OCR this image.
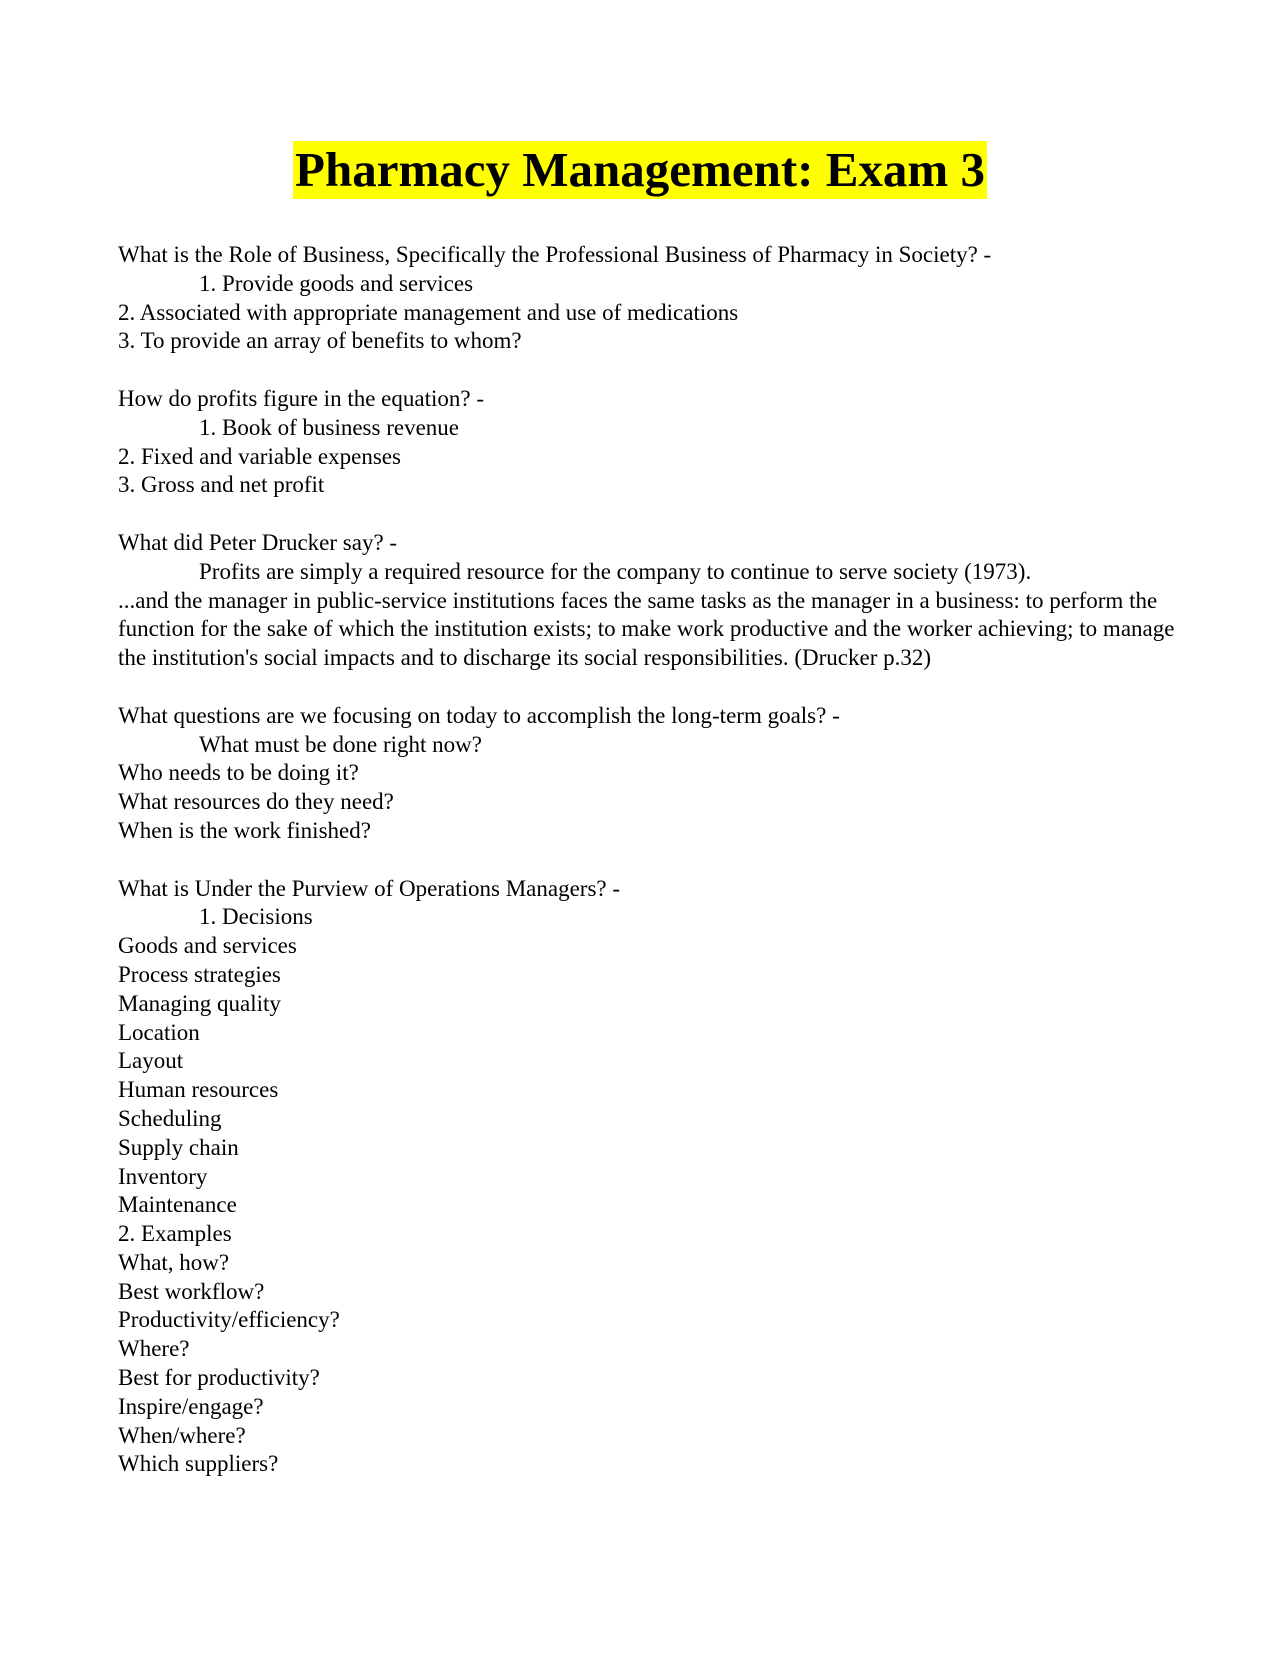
Pharmacy Management: Exam 3
What is the Role of Business, Specifically the Professional Business of Pharmacy in Society? -
1. Provide goods and services
2. Associated with appropriate management and use of medications
3. To provide an array of benefits to whom?
How do profits figure in the equation? -
1. Book of business revenue
2. Fixed and variable expenses
3. Gross and net profit
What did Peter Drucker say? -
Profits are simply a required resource for the company to continue to serve society (1973).
...and the manager in public-service institutions faces the same tasks as the manager in a business: to perform the function for the sake of which the institution exists; to make work productive and the worker achieving; to manage the institution's social impacts and to discharge its social responsibilities. (Drucker p.32)
What questions are we focusing on today to accomplish the long-term goals? -
What must be done right now?
Who needs to be doing it?
What resources do they need?
When is the work finished?
What is Under the Purview of Operations Managers? -
1. Decisions
Goods and services
Process strategies
Managing quality
Location
Layout
Human resources
Scheduling
Supply chain
Inventory
Maintenance
2. Examples
What, how?
Best workflow?
Productivity/efficiency?
Where?
Best for productivity?
Inspire/engage?
When/where?
Which suppliers?
